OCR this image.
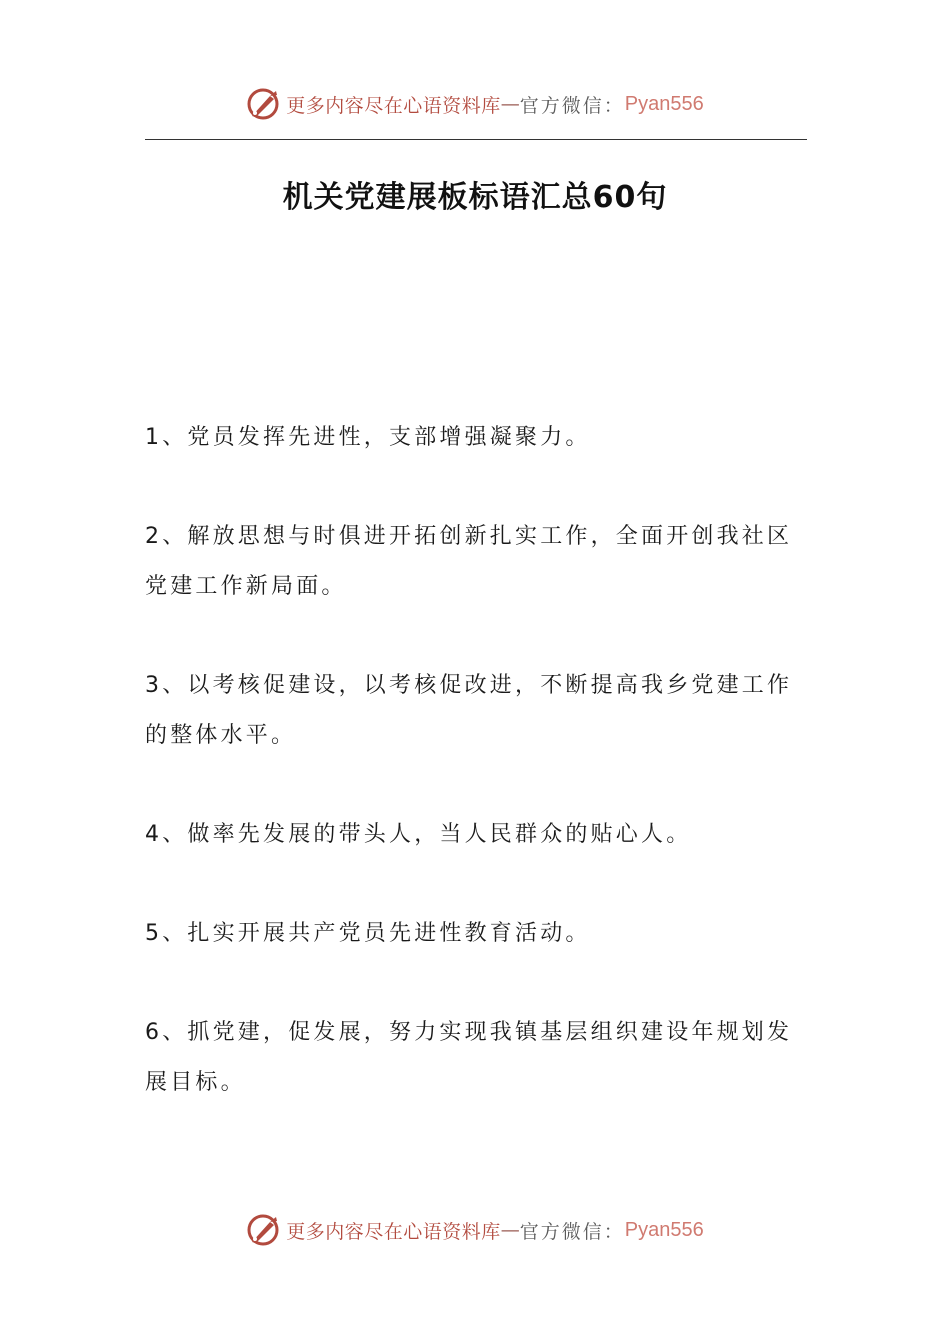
更多内容尽在心语资料库 — 官方微信： Pyan556
机关党建展板标语汇总60句

1、党员发挥先进性，支部增强凝聚力。

2、解放思想与时俱进开拓创新扎实工作，全面开创我社区党建工作新局面。

3、以考核促建设，以考核促改进，不断提高我乡党建工作的整体水平。

4、做率先发展的带头人，当人民群众的贴心人。

5、扎实开展共产党员先进性教育活动。

6、抓党建，促发展，努力实现我镇基层组织建设年规划发展目标。

更多内容尽在心语资料库 — 官方微信： Pyan556
